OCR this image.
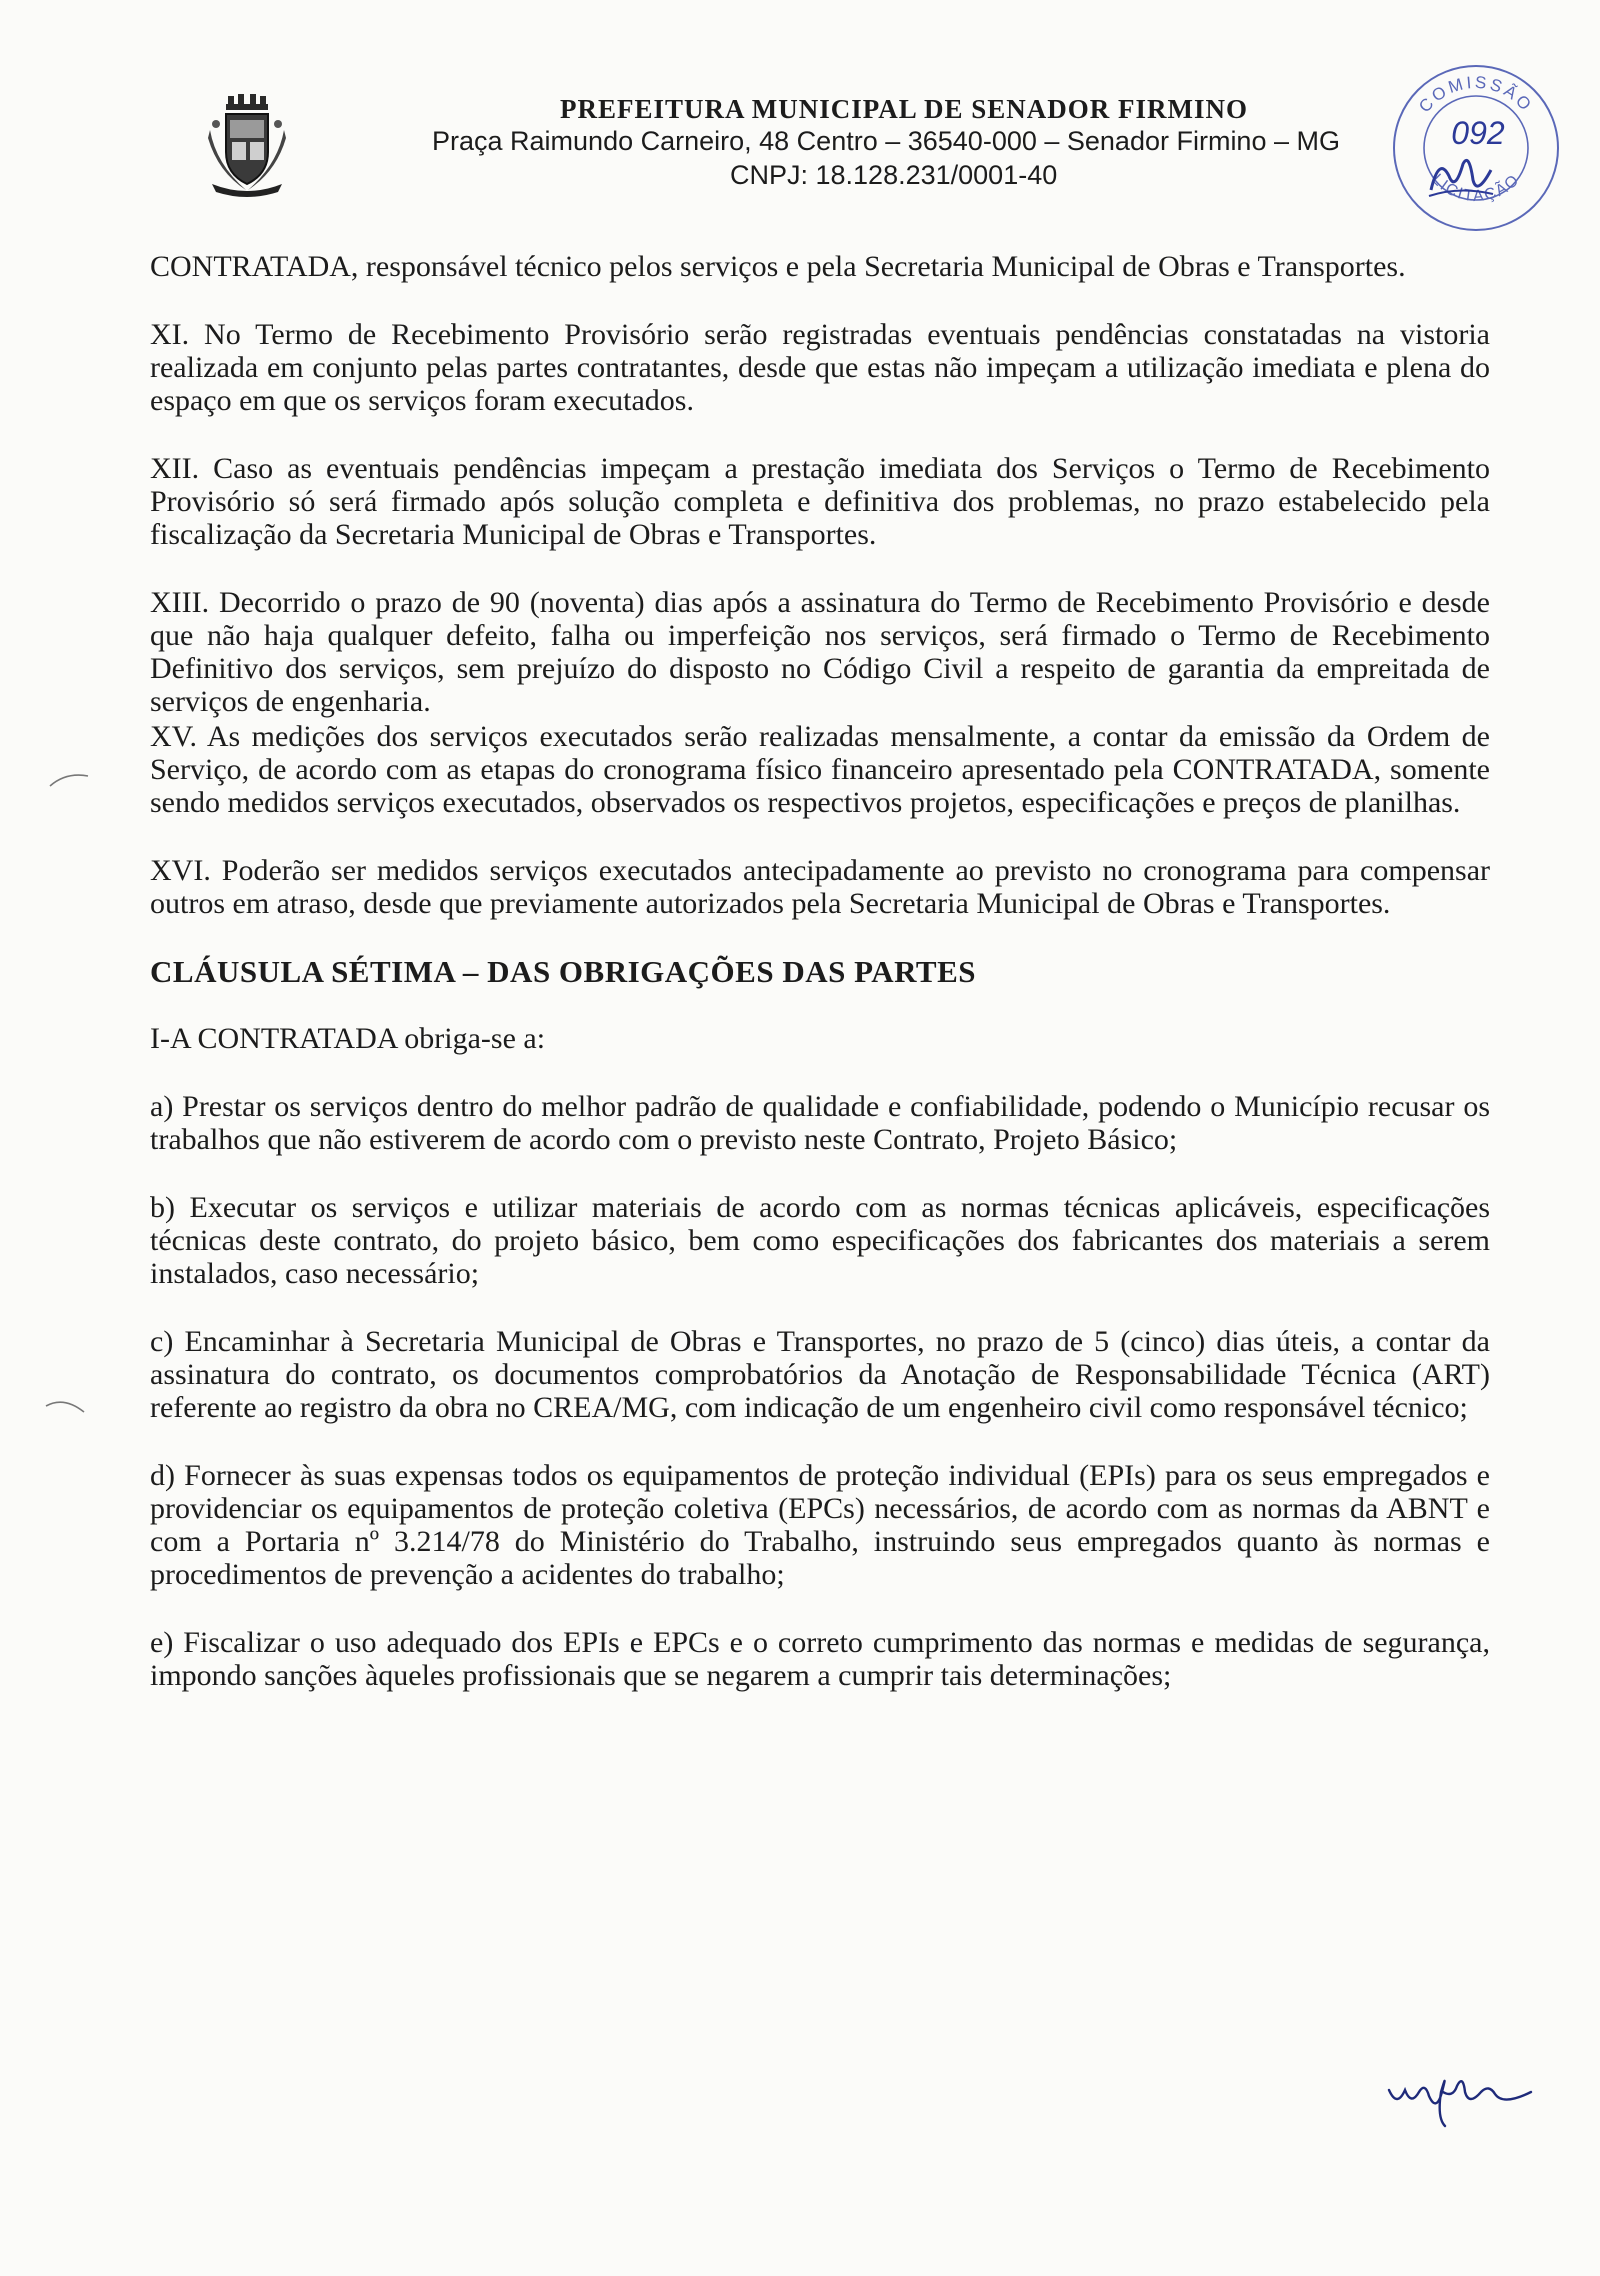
PREFEITURA MUNICIPAL DE SENADOR FIRMINO
Praça Raimundo Carneiro, 48 Centro – 36540-000 – Senador Firmino – MG
CNPJ: 18.128.231/0001-40
COMISSÃO
LICITAÇÃO
092

CONTRATADA, responsável técnico pelos serviços e pela Secretaria Municipal de Obras e Transportes.

XI. No Termo de Recebimento Provisório serão registradas eventuais pendências constatadas na vistoria realizada em conjunto pelas partes contratantes, desde que estas não impeçam a utilização imediata e plena do espaço em que os serviços foram executados.

XII. Caso as eventuais pendências impeçam a prestação imediata dos Serviços o Termo de Recebimento Provisório só será firmado após solução completa e definitiva dos problemas, no prazo estabelecido pela fiscalização da Secretaria Municipal de Obras e Transportes.

XIII. Decorrido o prazo de 90 (noventa) dias após a assinatura do Termo de Recebimento Provisório e desde que não haja qualquer defeito, falha ou imperfeição nos serviços, será firmado o Termo de Recebimento Definitivo dos serviços, sem prejuízo do disposto no Código Civil a respeito de garantia da empreitada de serviços de engenharia.

XV. As medições dos serviços executados serão realizadas mensalmente, a contar da emissão da Ordem de Serviço, de acordo com as etapas do cronograma físico financeiro apresentado pela CONTRATADA, somente sendo medidos serviços executados, observados os respectivos projetos, especificações e preços de planilhas.

XVI. Poderão ser medidos serviços executados antecipadamente ao previsto no cronograma para compensar outros em atraso, desde que previamente autorizados pela Secretaria Municipal de Obras e Transportes.

CLÁUSULA SÉTIMA – DAS OBRIGAÇÕES DAS PARTES

I-A CONTRATADA obriga-se a:

a) Prestar os serviços dentro do melhor padrão de qualidade e confiabilidade, podendo o Município recusar os trabalhos que não estiverem de acordo com o previsto neste Contrato, Projeto Básico;

b) Executar os serviços e utilizar materiais de acordo com as normas técnicas aplicáveis, especificações técnicas deste contrato, do projeto básico, bem como especificações dos fabricantes dos materiais a serem instalados, caso necessário;

c) Encaminhar à Secretaria Municipal de Obras e Transportes, no prazo de 5 (cinco) dias úteis, a contar da assinatura do contrato, os documentos comprobatórios da Anotação de Responsabilidade Técnica (ART) referente ao registro da obra no CREA/MG, com indicação de um engenheiro civil como responsável técnico;

d) Fornecer às suas expensas todos os equipamentos de proteção individual (EPIs) para os seus empregados e providenciar os equipamentos de proteção coletiva (EPCs) necessários, de acordo com as normas da ABNT e com a Portaria nº 3.214/78 do Ministério do Trabalho, instruindo seus empregados quanto às normas e procedimentos de prevenção a acidentes do trabalho;

e) Fiscalizar o uso adequado dos EPIs e EPCs e o correto cumprimento das normas e medidas de segurança, impondo sanções àqueles profissionais que se negarem a cumprir tais determinações;
